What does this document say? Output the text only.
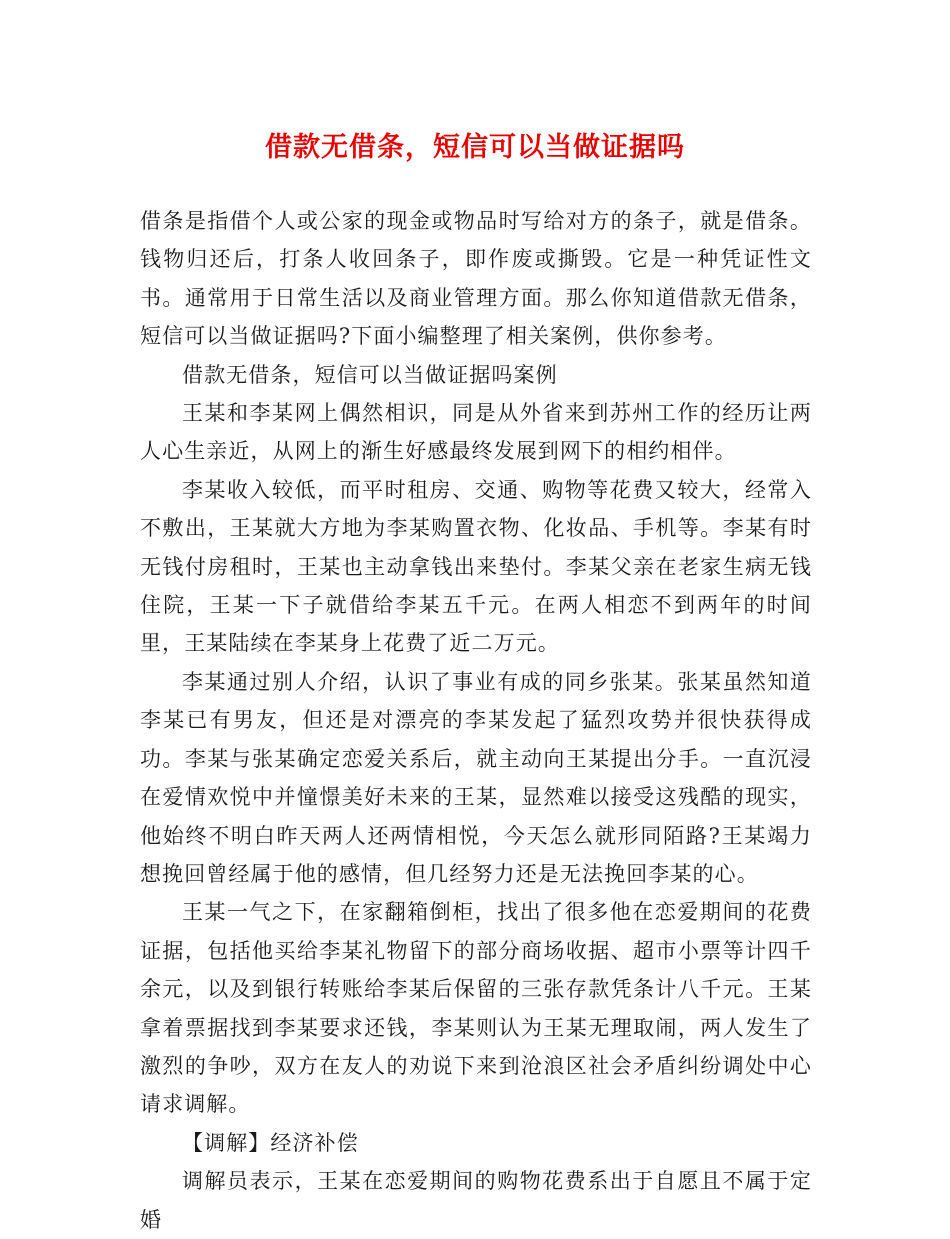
借款无借条，短信可以当做证据吗

借条是指借个人或公家的现金或物品时写给对方的条子，就是借条。钱物归还后，打条人收回条子，即作废或撕毁。它是一种凭证性文书。通常用于日常生活以及商业管理方面。那么你知道借款无借条，短信可以当做证据吗?下面小编整理了相关案例，供你参考。

借款无借条，短信可以当做证据吗案例

王某和李某网上偶然相识，同是从外省来到苏州工作的经历让两人心生亲近，从网上的渐生好感最终发展到网下的相约相伴。

李某收入较低，而平时租房、交通、购物等花费又较大，经常入不敷出，王某就大方地为李某购置衣物、化妆品、手机等。李某有时无钱付房租时，王某也主动拿钱出来垫付。李某父亲在老家生病无钱住院，王某一下子就借给李某五千元。在两人相恋不到两年的时间里，王某陆续在李某身上花费了近二万元。

李某通过别人介绍，认识了事业有成的同乡张某。张某虽然知道李某已有男友，但还是对漂亮的李某发起了猛烈攻势并很快获得成功。李某与张某确定恋爱关系后，就主动向王某提出分手。一直沉浸在爱情欢悦中并憧憬美好未来的王某，显然难以接受这残酷的现实，他始终不明白昨天两人还两情相悦，今天怎么就形同陌路?王某竭力想挽回曾经属于他的感情，但几经努力还是无法挽回李某的心。

王某一气之下，在家翻箱倒柜，找出了很多他在恋爱期间的花费证据，包括他买给李某礼物留下的部分商场收据、超市小票等计四千余元，以及到银行转账给李某后保留的三张存款凭条计八千元。王某拿着票据找到李某要求还钱，李某则认为王某无理取闹，两人发生了激烈的争吵，双方在友人的劝说下来到沧浪区社会矛盾纠纷调处中心请求调解。

【调解】经济补偿

调解员表示，王某在恋爱期间的购物花费系出于自愿且不属于定婚
